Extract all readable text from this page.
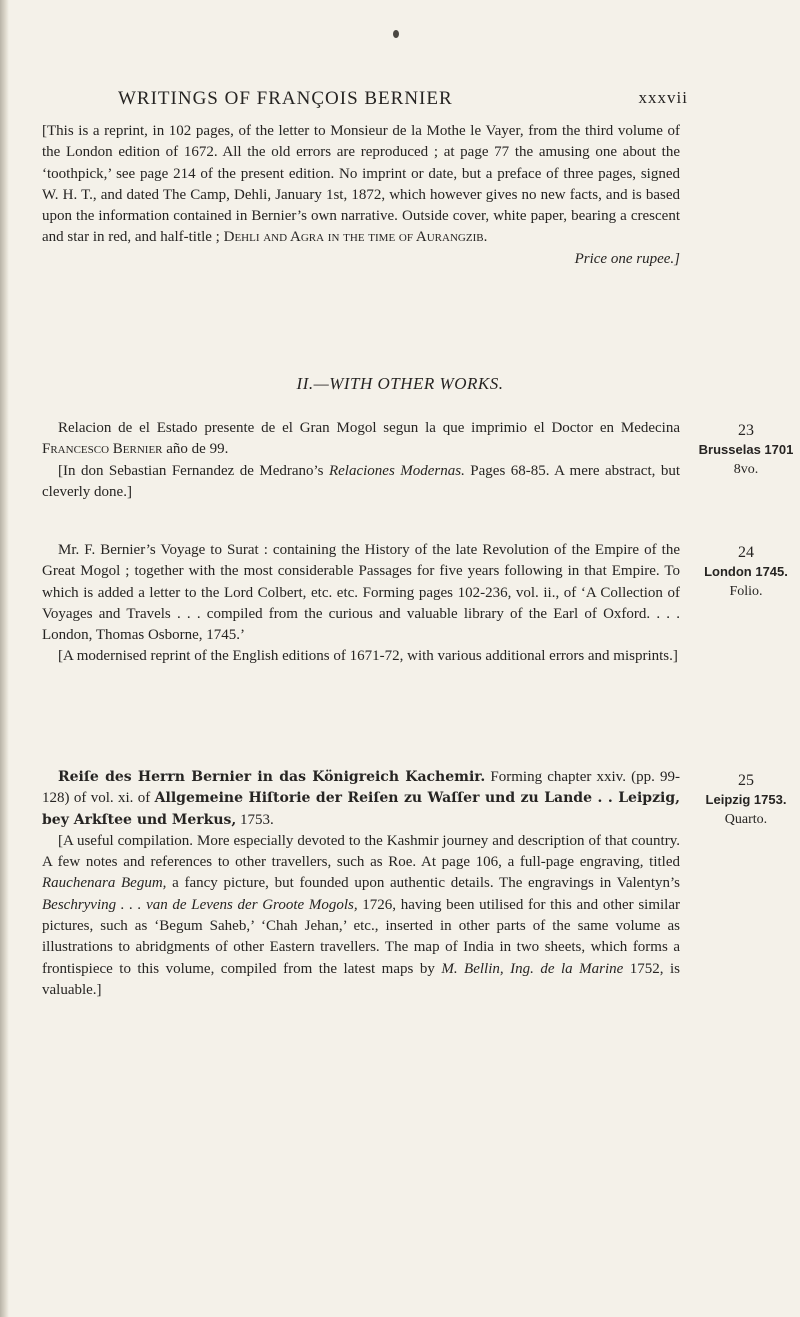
WRITINGS OF FRANÇOIS BERNIER	xxxvii

[This is a reprint, in 102 pages, of the letter to Monsieur de la Mothe le Vayer, from the third volume of the London edition of 1672. All the old errors are reproduced ; at page 77 the amusing one about the ‘toothpick,’ see page 214 of the present edition. No imprint or date, but a preface of three pages, signed W. H. T., and dated The Camp, Dehli, January 1st, 1872, which however gives no new facts, and is based upon the information contained in Bernier’s own narrative. Outside cover, white paper, bearing a crescent and star in red, and half-title ; Dehli and Agra in the time of Aurangzib.

Price one rupee.]

II.—WITH OTHER WORKS.

Relacion de el Estado presente de el Gran Mogol segun la que imprimio el Doctor en Medecina Francesco Bernier año de 99.

[In don Sebastian Fernandez de Medrano’s Relaciones Modernas. Pages 68-85. A mere abstract, but cleverly done.]

23
Brusselas 1701
8vo.

Mr. F. Bernier’s Voyage to Surat : containing the History of the late Revolution of the Empire of the Great Mogol ; together with the most considerable Passages for five years following in that Empire. To which is added a letter to the Lord Colbert, etc. etc. Forming pages 102-236, vol. ii., of ‘A Collection of Voyages and Travels . . . compiled from the curious and valuable library of the Earl of Oxford. . . . London, Thomas Osborne, 1745.’

[A modernised reprint of the English editions of 1671-72, with various additional errors and misprints.]

24
London 1745.
Folio.

Reiſe des Herrn Bernier in das Königreich Kachemir. Forming chapter xxiv. (pp. 99-128) of vol. xi. of Allgemeine Hiſtorie der Reiſen zu Waſſer und zu Lande . . Leipzig, bey Arkſtee und Merkus, 1753.

[A useful compilation. More especially devoted to the Kashmir journey and description of that country. A few notes and references to other travellers, such as Roe. At page 106, a full-page engraving, titled Rauchenara Begum, a fancy picture, but founded upon authentic details. The engravings in Valentyn’s Beschryving . . . van de Levens der Groote Mogols, 1726, having been utilised for this and other similar pictures, such as ‘Begum Saheb,’ ‘Chah Jehan,’ etc., inserted in other parts of the same volume as illustrations to abridgments of other Eastern travellers. The map of India in two sheets, which forms a frontispiece to this volume, compiled from the latest maps by M. Bellin, Ing. de la Marine 1752, is valuable.]

25
Leipzig 1753.
Quarto.
